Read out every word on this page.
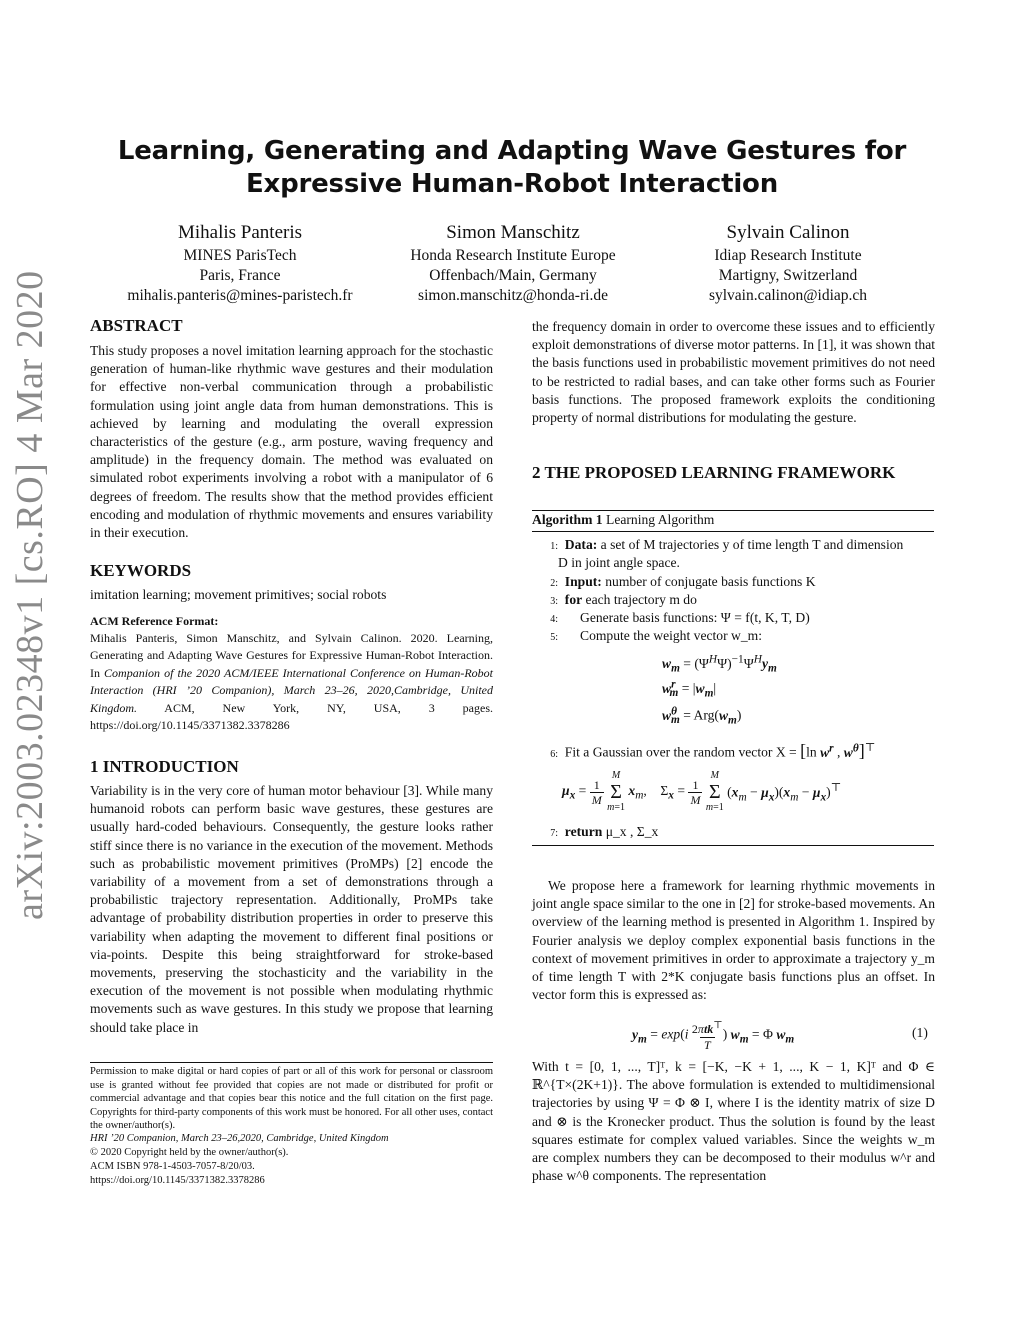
arXiv:2003.02348v1 [cs.RO] 4 Mar 2020
Learning, Generating and Adapting Wave Gestures for
Expressive Human-Robot Interaction
Mihalis Panteris
MINES ParisTech
Paris, France
mihalis.panteris@mines-paristech.fr
Simon Manschitz
Honda Research Institute Europe
Offenbach/Main, Germany
simon.manschitz@honda-ri.de
Sylvain Calinon
Idiap Research Institute
Martigny, Switzerland
sylvain.calinon@idiap.ch
ABSTRACT
This study proposes a novel imitation learning approach for the stochastic generation of human-like rhythmic wave gestures and their modulation for effective non-verbal communication through a probabilistic formulation using joint angle data from human demonstrations. This is achieved by learning and modulating the overall expression characteristics of the gesture (e.g., arm posture, waving frequency and amplitude) in the frequency domain. The method was evaluated on simulated robot experiments involving a robot with a manipulator of 6 degrees of freedom. The results show that the method provides efficient encoding and modulation of rhythmic movements and ensures variability in their execution.
KEYWORDS
imitation learning; movement primitives; social robots
ACM Reference Format:
Mihalis Panteris, Simon Manschitz, and Sylvain Calinon. 2020. Learning, Generating and Adapting Wave Gestures for Expressive Human-Robot Interaction. In Companion of the 2020 ACM/IEEE International Conference on Human-Robot Interaction (HRI ’20 Companion), March 23–26, 2020,Cambridge, United Kingdom. ACM, New York, NY, USA, 3 pages. https://doi.org/10.1145/3371382.3378286
1 INTRODUCTION
Variability is in the very core of human motor behaviour [3]. While many humanoid robots can perform basic wave gestures, these gestures are usually hard-coded behaviours. Consequently, the gesture looks rather stiff since there is no variance in the execution of the movement. Methods such as probabilistic movement primitives (ProMPs) [2] encode the variability of a movement from a set of demonstrations through a probabilistic trajectory representation. Additionally, ProMPs take advantage of probability distribution properties in order to preserve this variability when adapting the movement to different final positions or via-points. Despite this being straightforward for stroke-based movements, preserving the stochasticity and the variability in the execution of the movement is not possible when modulating rhythmic movements such as wave gestures. In this study we propose that learning should take place in
Permission to make digital or hard copies of part or all of this work for personal or classroom use is granted without fee provided that copies are not made or distributed for profit or commercial advantage and that copies bear this notice and the full citation on the first page. Copyrights for third-party components of this work must be honored. For all other uses, contact the owner/author(s).
HRI ’20 Companion, March 23–26,2020, Cambridge, United Kingdom
© 2020 Copyright held by the owner/author(s).
ACM ISBN 978-1-4503-7057-8/20/03.
https://doi.org/10.1145/3371382.3378286
the frequency domain in order to overcome these issues and to efficiently exploit demonstrations of diverse motor patterns. In [1], it was shown that the basis functions used in probabilistic movement primitives do not need to be restricted to radial bases, and can take other forms such as Fourier basis functions. The proposed framework exploits the conditioning property of normal distributions for modulating the gesture.
2 THE PROPOSED LEARNING FRAMEWORK
Algorithm 1 Learning Algorithm
1: Data: a set of M trajectories y of time length T and dimension
D in joint angle space.
2: Input: number of conjugate basis functions K
3: for each trajectory m do
4: Generate basis functions: Ψ = f(t, K, T, D)
5: Compute the weight vector w_m:
$w_m = (\Psi^H\Psi)^{-1}\Psi^Hy_m$
$w^r_m = |w_m|$
$w^\theta_m = Arg(w_m)$
6: Fit a Gaussian over the random vector X = [ln $w^r$ , $w^\theta]^⊤$
$\mu_x = 1$
M M
Σ
m=1 $x_m$,    $\Sigma_x = 1$
M M
Σ
m=1 $(x_m - \mu_x)(x_m - \mu_x)^⊤$
7: return μ_x , Σ_x
We propose here a framework for learning rhythmic movements in joint angle space similar to the one in [2] for stroke-based movements. An overview of the learning method is presented in Algorithm 1. Inspired by Fourier analysis we deploy complex exponential basis functions in the context of movement primitives in order to approximate a trajectory y_m of time length T with 2*K conjugate basis functions plus an offset. In vector form this is expressed as:
$y_m = \exp(i$ 2πtk⊤
T) $w_m = \Phi$ $w_m$	(1)
With t = [0, 1, ..., T]ᵀ, k = [−K, −K + 1, ..., K − 1, K]ᵀ and Φ ∈ ℝ^{T×(2K+1)}. The above formulation is extended to multidimensional trajectories by using Ψ = Φ ⊗ I, where I is the identity matrix of size D and ⊗ is the Kronecker product. Thus the solution is found by the least squares estimate for complex valued variables. Since the weights w_m are complex numbers they can be decomposed to their modulus w^r and phase w^θ components. The representation
